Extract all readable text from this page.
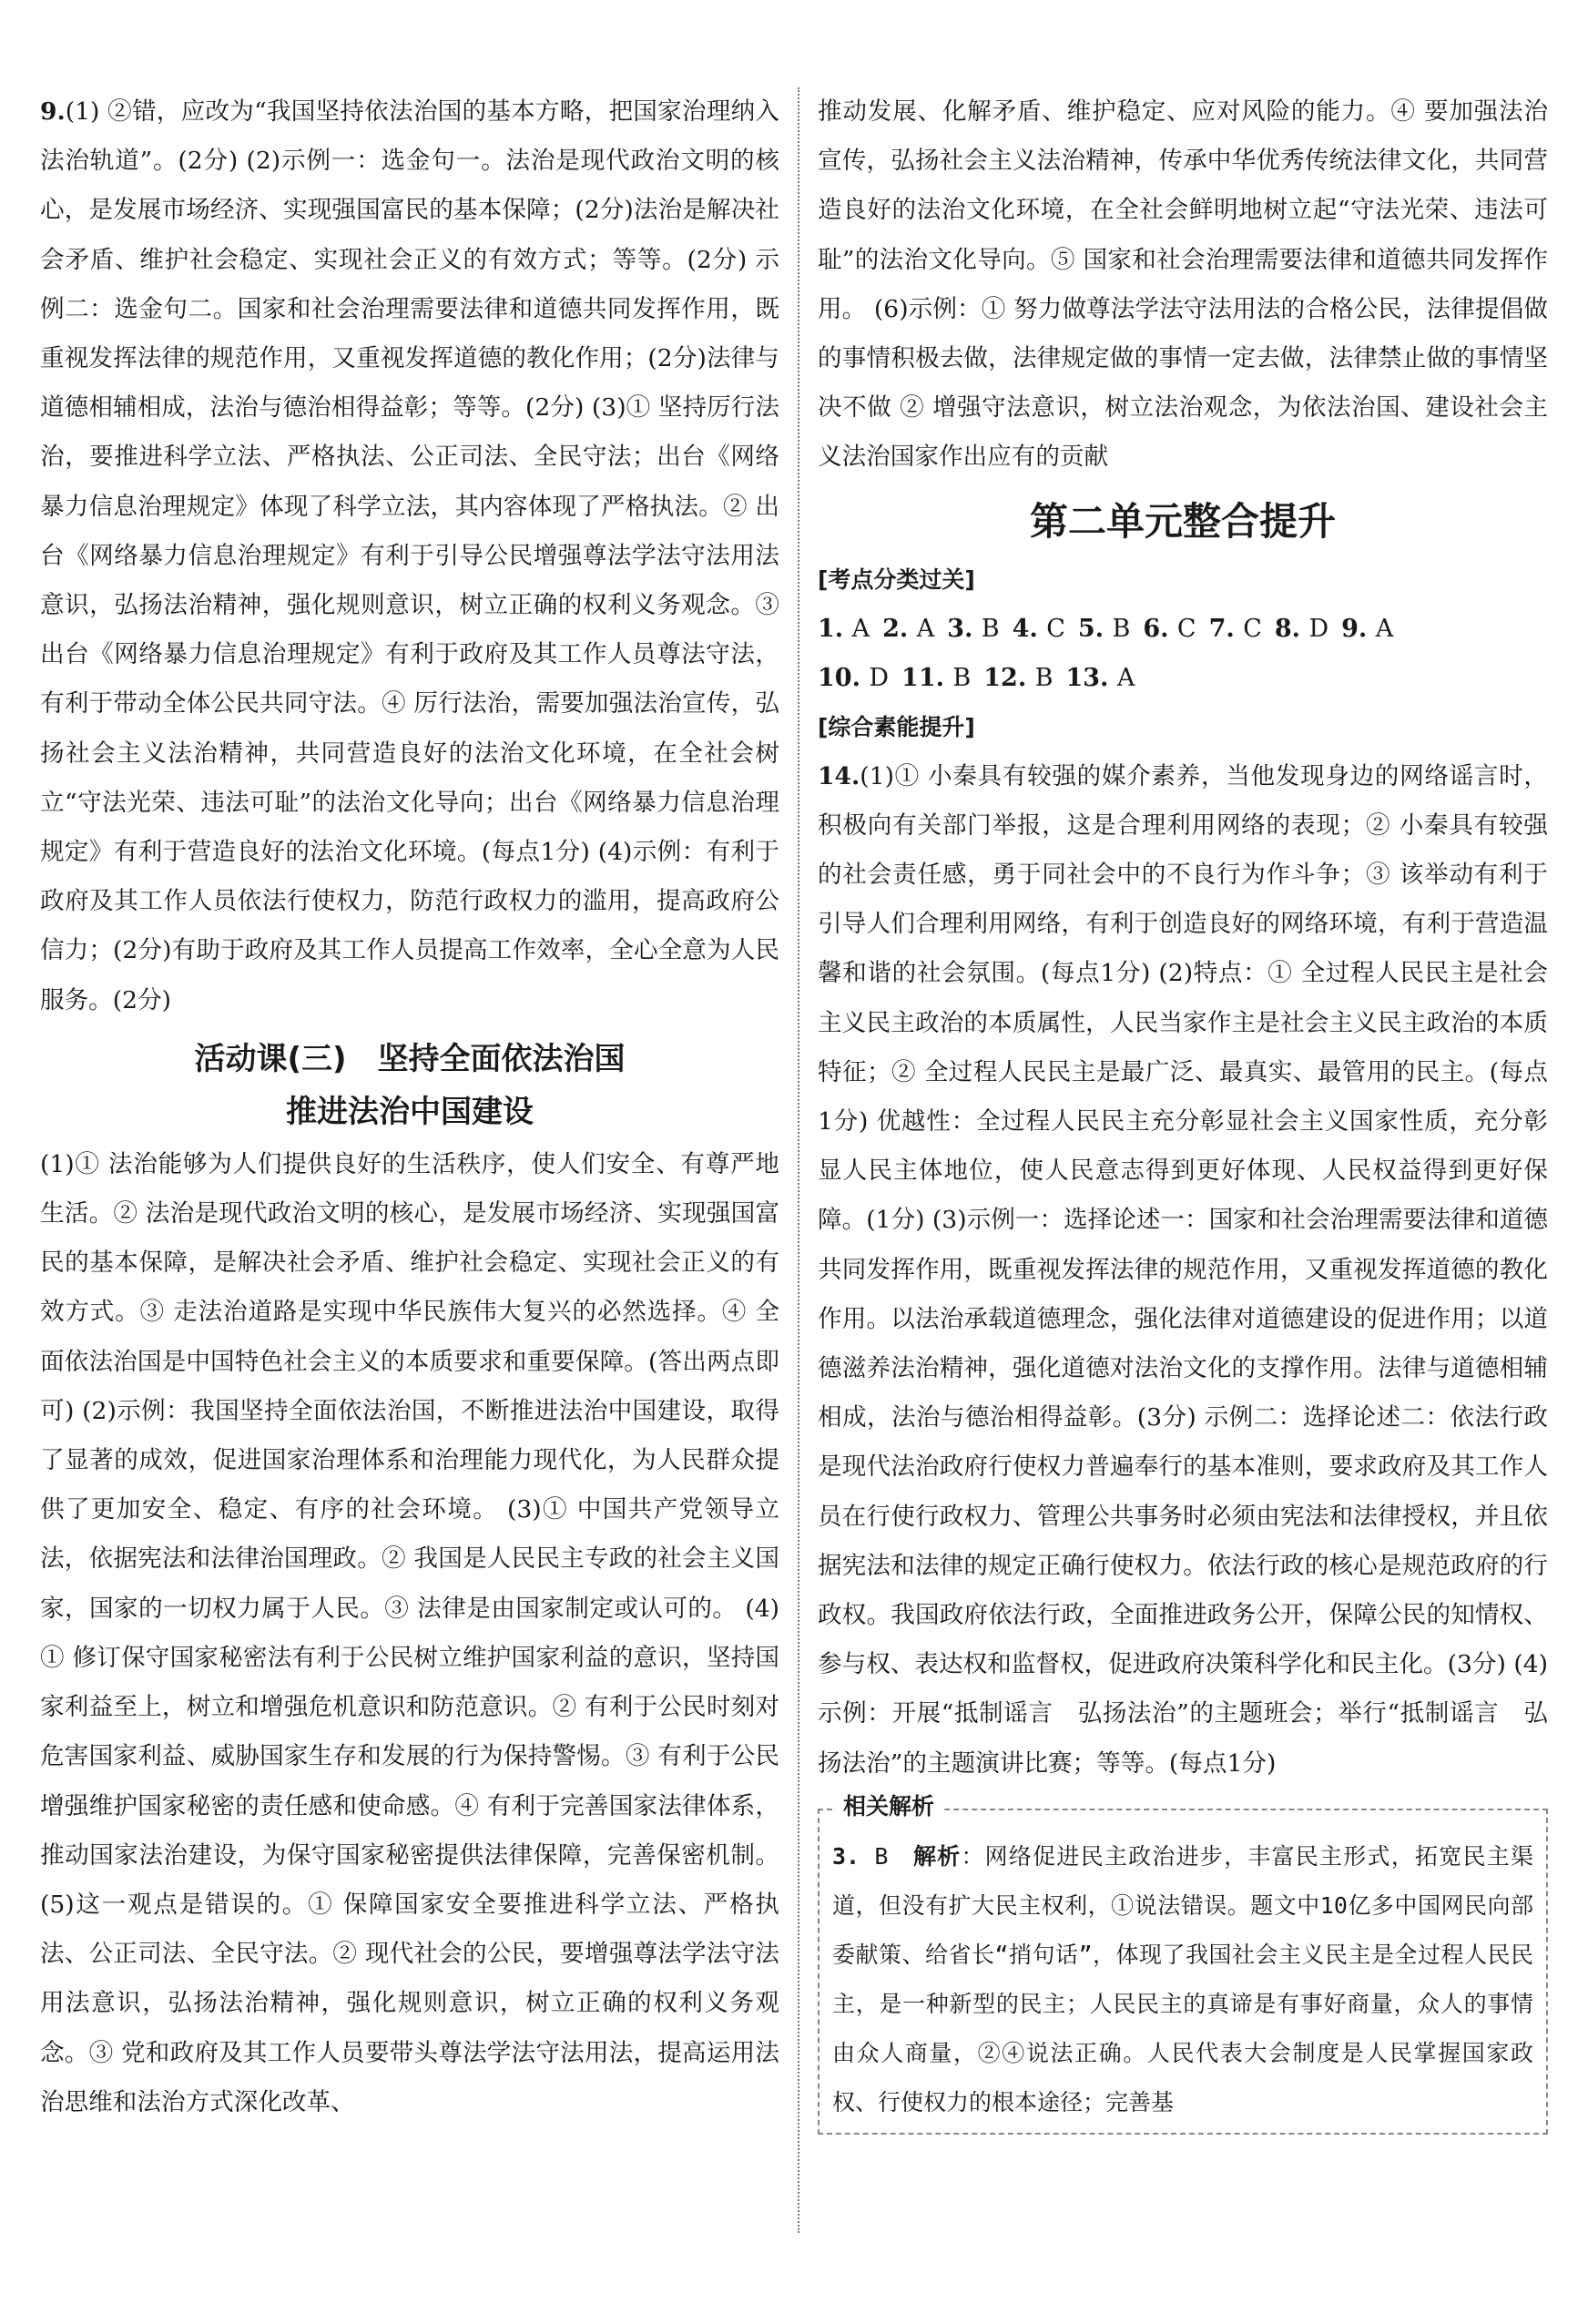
9.(1) ②错，应改为“我国坚持依法治国的基本方略，把国家治理纳入法治轨道”。(2分) (2)示例一：选金句一。法治是现代政治文明的核心，是发展市场经济、实现强国富民的基本保障；(2分)法治是解决社会矛盾、维护社会稳定、实现社会正义的有效方式；等等。(2分) 示例二：选金句二。国家和社会治理需要法律和道德共同发挥作用，既重视发挥法律的规范作用，又重视发挥道德的教化作用；(2分)法律与道德相辅相成，法治与德治相得益彰；等等。(2分) (3)① 坚持厉行法治，要推进科学立法、严格执法、公正司法、全民守法；出台《网络暴力信息治理规定》体现了科学立法，其内容体现了严格执法。② 出台《网络暴力信息治理规定》有利于引导公民增强尊法学法守法用法意识，弘扬法治精神，强化规则意识，树立正确的权利义务观念。③ 出台《网络暴力信息治理规定》有利于政府及其工作人员尊法守法，有利于带动全体公民共同守法。④ 厉行法治，需要加强法治宣传，弘扬社会主义法治精神，共同营造良好的法治文化环境，在全社会树立“守法光荣、违法可耻”的法治文化导向；出台《网络暴力信息治理规定》有利于营造良好的法治文化环境。(每点1分) (4)示例：有利于政府及其工作人员依法行使权力，防范行政权力的滥用，提高政府公信力；(2分)有助于政府及其工作人员提高工作效率，全心全意为人民服务。(2分)

活动课(三)　坚持全面依法治国
推进法治中国建设

(1)① 法治能够为人们提供良好的生活秩序，使人们安全、有尊严地生活。② 法治是现代政治文明的核心，是发展市场经济、实现强国富民的基本保障，是解决社会矛盾、维护社会稳定、实现社会正义的有效方式。③ 走法治道路是实现中华民族伟大复兴的必然选择。④ 全面依法治国是中国特色社会主义的本质要求和重要保障。(答出两点即可) (2)示例：我国坚持全面依法治国，不断推进法治中国建设，取得了显著的成效，促进国家治理体系和治理能力现代化，为人民群众提供了更加安全、稳定、有序的社会环境。 (3)① 中国共产党领导立法，依据宪法和法律治国理政。② 我国是人民民主专政的社会主义国家，国家的一切权力属于人民。③ 法律是由国家制定或认可的。 (4)① 修订保守国家秘密法有利于公民树立维护国家利益的意识，坚持国家利益至上，树立和增强危机意识和防范意识。② 有利于公民时刻对危害国家利益、威胁国家生存和发展的行为保持警惕。③ 有利于公民增强维护国家秘密的责任感和使命感。④ 有利于完善国家法律体系，推动国家法治建设，为保守国家秘密提供法律保障，完善保密机制。 (5)这一观点是错误的。① 保障国家安全要推进科学立法、严格执法、公正司法、全民守法。② 现代社会的公民，要增强尊法学法守法用法意识，弘扬法治精神，强化规则意识，树立正确的权利义务观念。③ 党和政府及其工作人员要带头尊法学法守法用法，提高运用法治思维和法治方式深化改革、

推动发展、化解矛盾、维护稳定、应对风险的能力。④ 要加强法治宣传，弘扬社会主义法治精神，传承中华优秀传统法律文化，共同营造良好的法治文化环境，在全社会鲜明地树立起“守法光荣、违法可耻”的法治文化导向。⑤ 国家和社会治理需要法律和道德共同发挥作用。 (6)示例：① 努力做尊法学法守法用法的合格公民，法律提倡做的事情积极去做，法律规定做的事情一定去做，法律禁止做的事情坚决不做 ② 增强守法意识，树立法治观念，为依法治国、建设社会主义法治国家作出应有的贡献

第二单元整合提升
[考点分类过关]
1. A 2. A 3. B 4. C 5. B 6. C 7. C 8. D 9. A
10. D 11. B 12. B 13. A
[综合素能提升]

14.(1)① 小秦具有较强的媒介素养，当他发现身边的网络谣言时，积极向有关部门举报，这是合理利用网络的表现；② 小秦具有较强的社会责任感，勇于同社会中的不良行为作斗争；③ 该举动有利于引导人们合理利用网络，有利于创造良好的网络环境，有利于营造温馨和谐的社会氛围。(每点1分) (2)特点：① 全过程人民民主是社会主义民主政治的本质属性，人民当家作主是社会主义民主政治的本质特征；② 全过程人民民主是最广泛、最真实、最管用的民主。(每点1分) 优越性：全过程人民民主充分彰显社会主义国家性质，充分彰显人民主体地位，使人民意志得到更好体现、人民权益得到更好保障。(1分) (3)示例一：选择论述一：国家和社会治理需要法律和道德共同发挥作用，既重视发挥法律的规范作用，又重视发挥道德的教化作用。以法治承载道德理念，强化法律对道德建设的促进作用；以道德滋养法治精神，强化道德对法治文化的支撑作用。法律与道德相辅相成，法治与德治相得益彰。(3分) 示例二：选择论述二：依法行政是现代法治政府行使权力普遍奉行的基本准则，要求政府及其工作人员在行使行政权力、管理公共事务时必须由宪法和法律授权，并且依据宪法和法律的规定正确行使权力。依法行政的核心是规范政府的行政权。我国政府依法行政，全面推进政务公开，保障公民的知情权、参与权、表达权和监督权，促进政府决策科学化和民主化。(3分) (4)示例：开展“抵制谣言　弘扬法治”的主题班会；举行“抵制谣言　弘扬法治”的主题演讲比赛；等等。(每点1分)

相关解析

3. B　 解析：网络促进民主政治进步，丰富民主形式，拓宽民主渠道，但没有扩大民主权利，①说法错误。题文中10亿多中国网民向部委献策、给省长“捎句话”，体现了我国社会主义民主是全过程人民民主，是一种新型的民主；人民民主的真谛是有事好商量，众人的事情由众人商量，②④说法正确。人民代表大会制度是人民掌握国家政权、行使权力的根本途径；完善基
